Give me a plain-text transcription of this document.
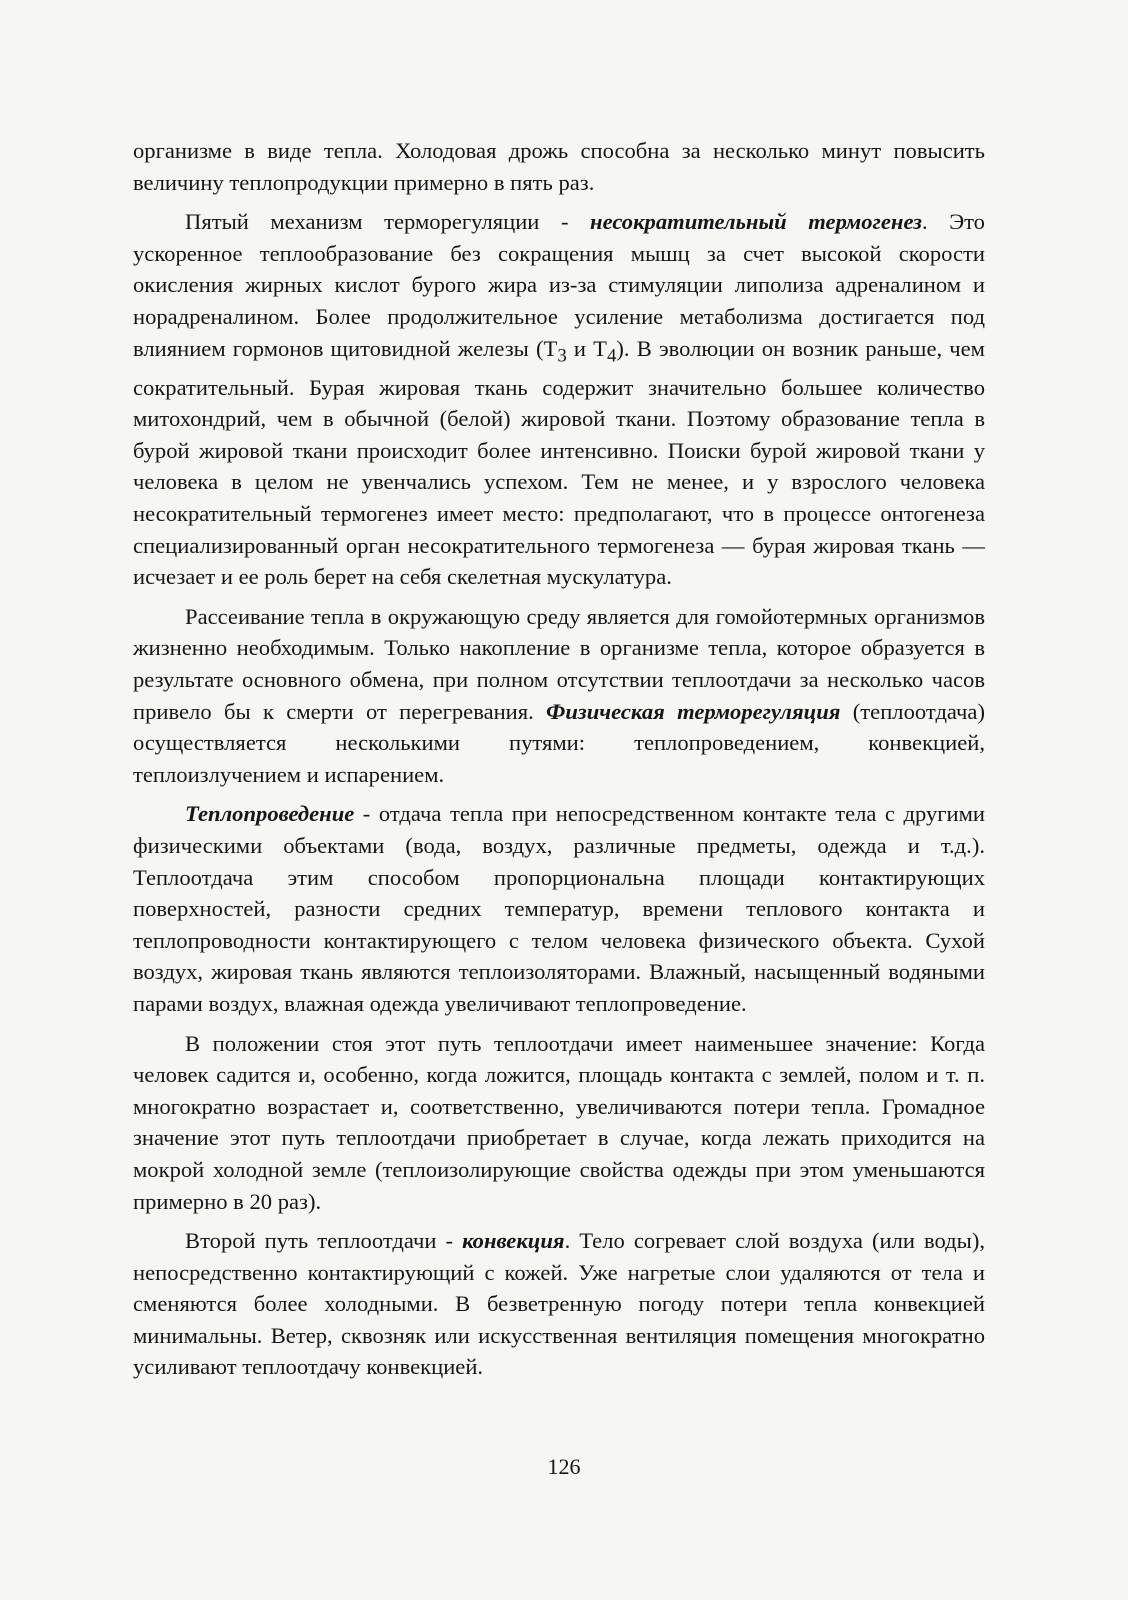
организме в виде тепла. Холодовая дрожь способна за несколько минут повысить величину теплопродукции примерно в пять раз.

Пятый механизм терморегуляции - несократительный термогенез. Это ускоренное теплообразование без сокращения мышц за счет высокой скорости окисления жирных кислот бурого жира из-за стимуляции липолиза адреналином и норадреналином. Более продолжительное усиление метаболизма достигается под влиянием гормонов щитовидной железы ($Т_3$ и $Т_4$). В эволюции он возник раньше, чем сократительный. Бурая жировая ткань содержит значительно большее количество митохондрий, чем в обычной (белой) жировой ткани. Поэтому образование тепла в бурой жировой ткани происходит более интенсивно. Поиски бурой жировой ткани у человека в целом не увенчались успехом. Тем не менее, и у взрослого человека несократительный термогенез имеет место: предполагают, что в процессе онтогенеза специализированный орган несократительного термогенеза — бурая жировая ткань — исчезает и ее роль берет на себя скелетная мускулатура.

Рассеивание тепла в окружающую среду является для гомойотермных организмов жизненно необходимым. Только накопление в организме тепла, которое образуется в результате основного обмена, при полном отсутствии теплоотдачи за несколько часов привело бы к смерти от перегревания. Физическая терморегуляция (теплоотдача) осуществляется несколькими путями: теплопроведением, конвекцией, теплоизлучением и испарением.

Теплопроведение - отдача тепла при непосредственном контакте тела с другими физическими объектами (вода, воздух, различные предметы, одежда и т.д.). Теплоотдача этим способом пропорциональна площади контактирующих поверхностей, разности средних температур, времени теплового контакта и теплопроводности контактирующего с телом человека физического объекта. Сухой воздух, жировая ткань являются теплоизоляторами. Влажный, насыщенный водяными парами воздух, влажная одежда увеличивают теплопроведение.

В положении стоя этот путь теплоотдачи имеет наименьшее значение: Когда человек садится и, особенно, когда ложится, площадь контакта с землей, полом и т. п. многократно возрастает и, соответственно, увеличиваются потери тепла. Громадное значение этот путь теплоотдачи приобретает в случае, когда лежать приходится на мокрой холодной земле (теплоизолирующие свойства одежды при этом уменьшаются примерно в 20 раз).

Второй путь теплоотдачи - конвекция. Тело согревает слой воздуха (или воды), непосредственно контактирующий с кожей. Уже нагретые слои удаляются от тела и сменяются более холодными. В безветренную погоду потери тепла конвекцией минимальны. Ветер, сквозняк или искусственная вентиляция помещения многократно усиливают теплоотдачу конвекцией.

126
